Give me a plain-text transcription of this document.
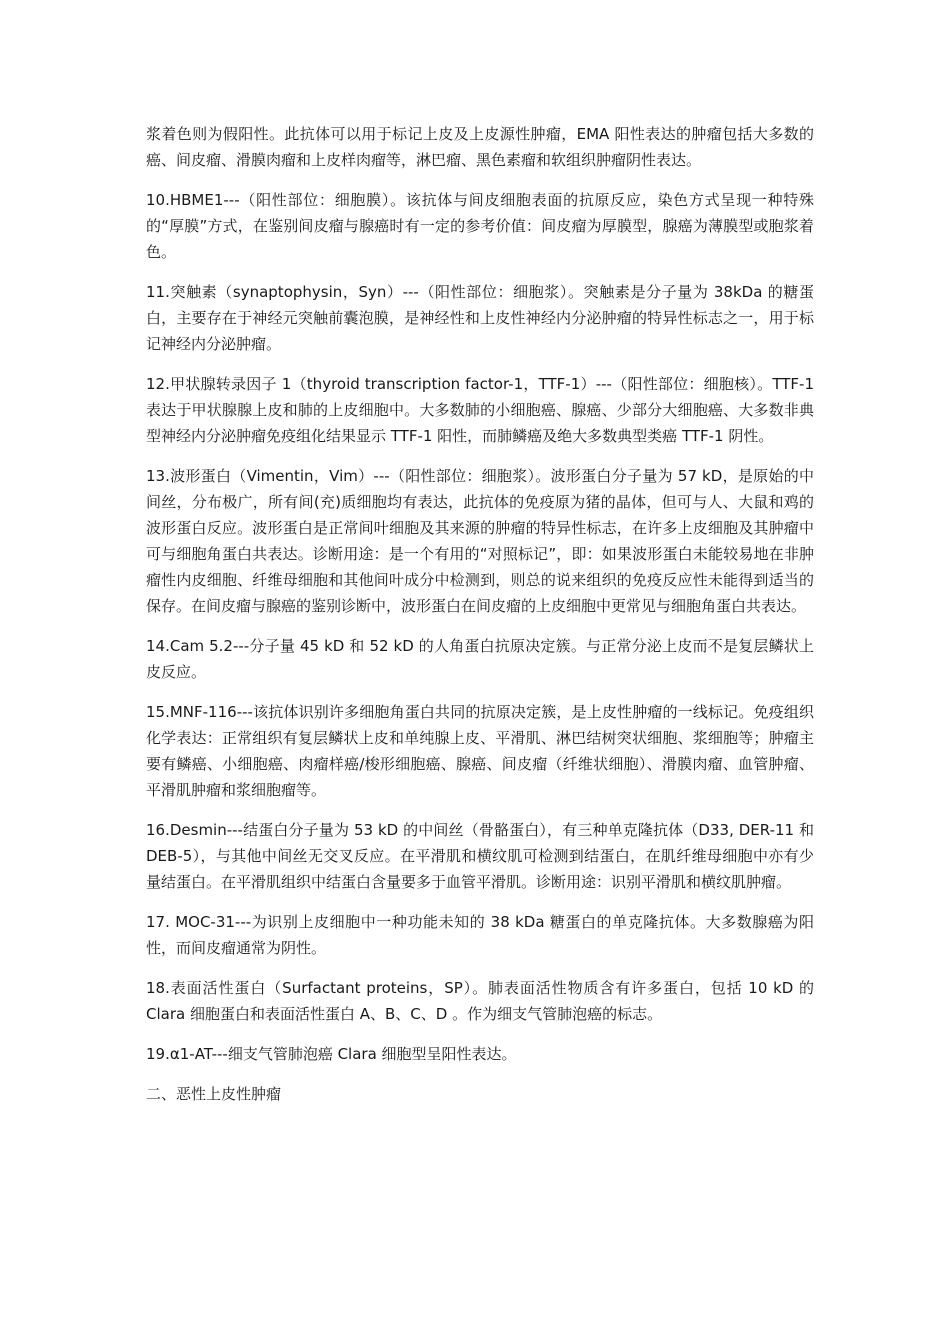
浆着色则为假阳性。此抗体可以用于标记上皮及上皮源性肿瘤，EMA 阳性表达的肿瘤包括大多数的癌、间皮瘤、滑膜肉瘤和上皮样肉瘤等，淋巴瘤、黑色素瘤和软组织肿瘤阴性表达。

10.HBME1---（阳性部位：细胞膜）。该抗体与间皮细胞表面的抗原反应，染色方式呈现一种特殊的“厚膜”方式，在鉴别间皮瘤与腺癌时有一定的参考价值：间皮瘤为厚膜型，腺癌为薄膜型或胞浆着色。

11.突触素（synaptophysin，Syn）---（阳性部位：细胞浆）。突触素是分子量为 38kDa 的糖蛋白，主要存在于神经元突触前囊泡膜，是神经性和上皮性神经内分泌肿瘤的特异性标志之一，用于标记神经内分泌肿瘤。

12.甲状腺转录因子 1（thyroid transcription factor-1，TTF-1）---（阳性部位：细胞核）。TTF-1 表达于甲状腺腺上皮和肺的上皮细胞中。大多数肺的小细胞癌、腺癌、少部分大细胞癌、大多数非典型神经内分泌肿瘤免疫组化结果显示 TTF-1 阳性，而肺鳞癌及绝大多数典型类癌 TTF-1 阴性。

13.波形蛋白（Vimentin，Vim）---（阳性部位：细胞浆）。波形蛋白分子量为 57 kD，是原始的中间丝，分布极广，所有间(充)质细胞均有表达，此抗体的免疫原为猪的晶体，但可与人、大鼠和鸡的波形蛋白反应。波形蛋白是正常间叶细胞及其来源的肿瘤的特异性标志，在许多上皮细胞及其肿瘤中可与细胞角蛋白共表达。诊断用途：是一个有用的“对照标记”，即：如果波形蛋白未能较易地在非肿瘤性内皮细胞、纤维母细胞和其他间叶成分中检测到，则总的说来组织的免疫反应性未能得到适当的保存。在间皮瘤与腺癌的鉴别诊断中，波形蛋白在间皮瘤的上皮细胞中更常见与细胞角蛋白共表达。

14.Cam 5.2---分子量 45 kD 和 52 kD 的人角蛋白抗原决定簇。与正常分泌上皮而不是复层鳞状上皮反应。

15.MNF-116---该抗体识别许多细胞角蛋白共同的抗原决定簇，是上皮性肿瘤的一线标记。免疫组织化学表达：正常组织有复层鳞状上皮和单纯腺上皮、平滑肌、淋巴结树突状细胞、浆细胞等；肿瘤主要有鳞癌、小细胞癌、肉瘤样癌/梭形细胞癌、腺癌、间皮瘤（纤维状细胞）、滑膜肉瘤、血管肿瘤、平滑肌肿瘤和浆细胞瘤等。

16.Desmin---结蛋白分子量为 53 kD 的中间丝（骨骼蛋白），有三种单克隆抗体（D33, DER-11 和 DEB-5），与其他中间丝无交叉反应。在平滑肌和横纹肌可检测到结蛋白，在肌纤维母细胞中亦有少量结蛋白。在平滑肌组织中结蛋白含量要多于血管平滑肌。诊断用途：识别平滑肌和横纹肌肿瘤。

17. MOC-31---为识别上皮细胞中一种功能未知的 38 kDa 糖蛋白的单克隆抗体。大多数腺癌为阳性，而间皮瘤通常为阴性。

18.表面活性蛋白（Surfactant proteins，SP）。肺表面活性物质含有许多蛋白，包括 10 kD 的 Clara 细胞蛋白和表面活性蛋白 A、B、C、D 。作为细支气管肺泡癌的标志。

19.α1-AT---细支气管肺泡癌 Clara 细胞型呈阳性表达。

二、恶性上皮性肿瘤
